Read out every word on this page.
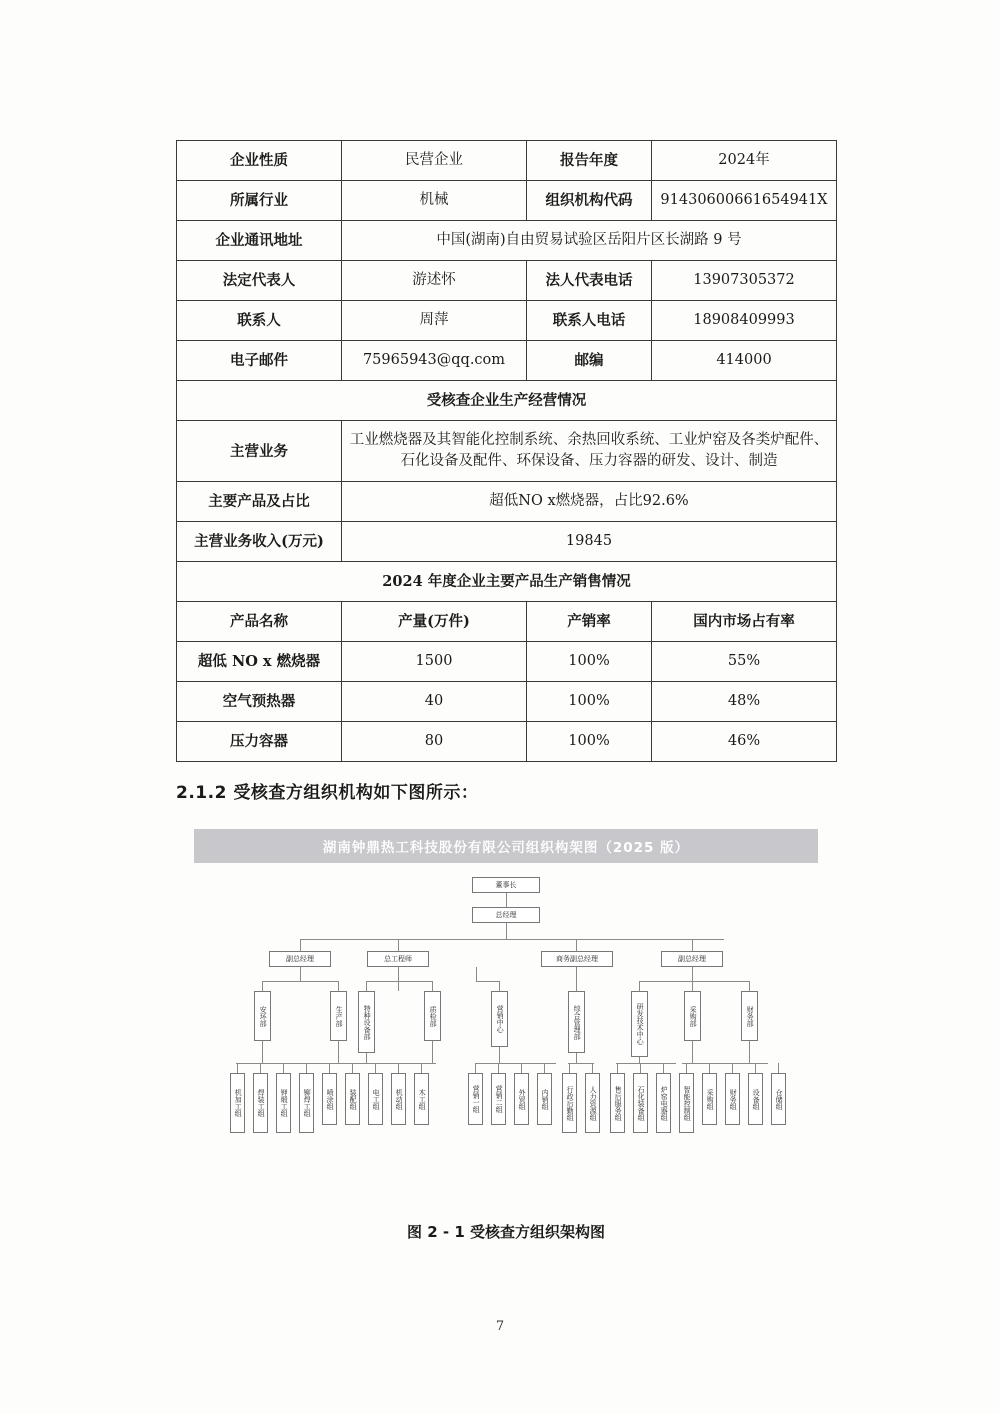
企业性质	民营企业	报告年度	2024年
所属行业	机械	组织机构代码	91430600661654941X
企业通讯地址	中国(湖南)自由贸易试验区岳阳片区长湖路 9 号		
法定代表人	游述怀	法人代表电话	13907305372
联系人	周萍	联系人电话	18908409993
电子邮件	75965943@qq.com	邮编	414000
受核查企业生产经营情况			
主营业务	工业燃烧器及其智能化控制系统、余热回收系统、工业炉窑及各类炉配件、石化设备及配件、环保设备、压力容器的研发、设计、制造		
主要产品及占比	超低NO x燃烧器，占比92.6%		
主营业务收入(万元)	19845		
2024 年度企业主要产品生产销售情况			
产品名称	产量(万件)	产销率	国内市场占有率
超低 NO x 燃烧器	1500	100%	55%
空气预热器	40	100%	48%
压力容器	80	100%	46%
2.1.2 受核查方组织机构如下图所示：
湖南钟鼎热工科技股份有限公司组织构架图（2025 版）
董事长
总经理
副总经理	总工程师	商务副总经理	副总经理
安环部	生产部	特种设备部	质检部	营销中心	综合管理部	研发技术中心	采购部	财务部
机加工组	焊装工组	钾煅工组	铆焊工组	喷涂组	装配组	电工组	机动组	木工组	营销一组	营销二组	外贸组	内销组	行政后勤组	人力资源组	售后服务组	石化装备组	炉窑电器组	智能控制组	采购组	财务组	设备组	仓储组
图 2 - 1 受核查方组织架构图
7
